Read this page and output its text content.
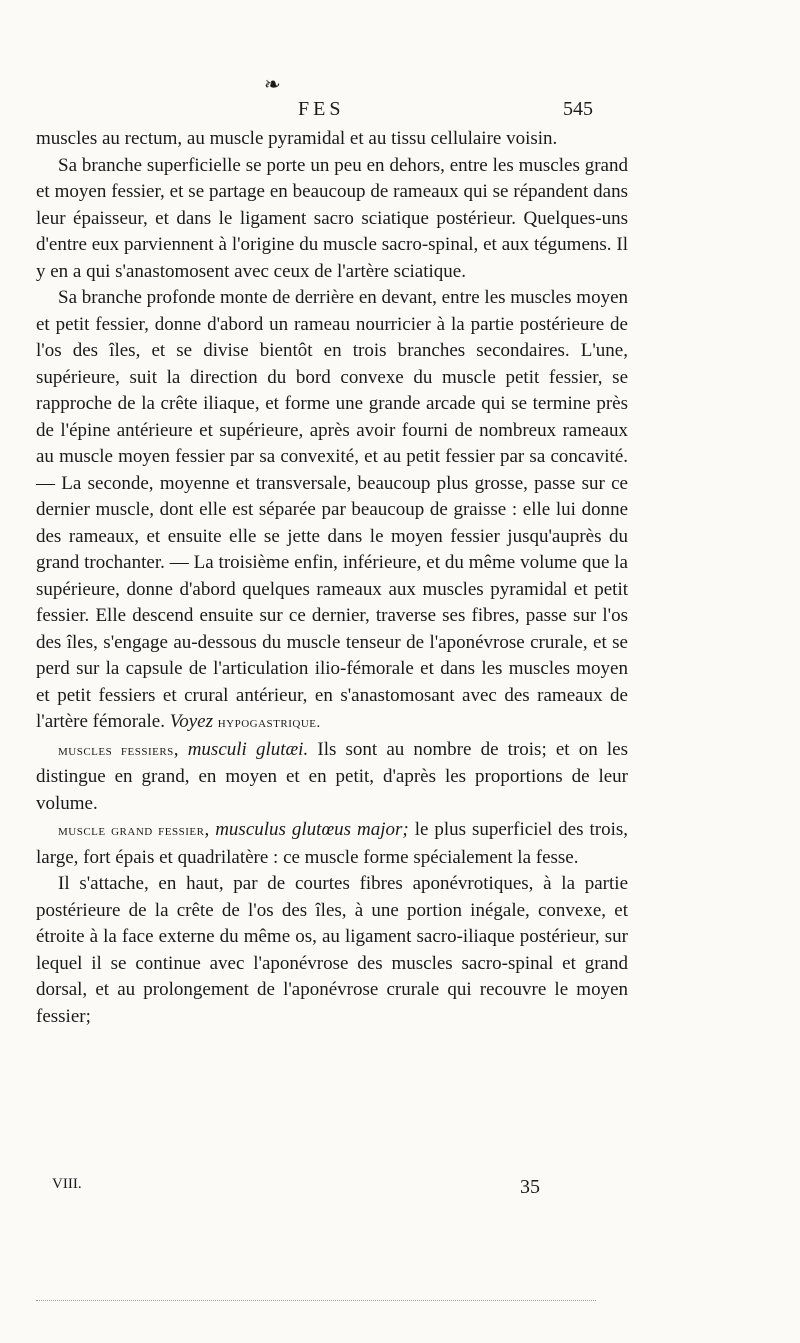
❧
FES	545

muscles au rectum, au muscle pyramidal et au tissu cellulaire voisin.

Sa branche superficielle se porte un peu en dehors, entre les muscles grand et moyen fessier, et se partage en beaucoup de rameaux qui se répandent dans leur épaisseur, et dans le ligament sacro sciatique postérieur. Quelques-uns d'entre eux parviennent à l'origine du muscle sacro-spinal, et aux tégumens. Il y en a qui s'anastomosent avec ceux de l'artère sciatique.

Sa branche profonde monte de derrière en devant, entre les muscles moyen et petit fessier, donne d'abord un rameau nourricier à la partie postérieure de l'os des îles, et se divise bientôt en trois branches secondaires. L'une, supérieure, suit la direction du bord convexe du muscle petit fessier, se rapproche de la crête iliaque, et forme une grande arcade qui se termine près de l'épine antérieure et supérieure, après avoir fourni de nombreux rameaux au muscle moyen fessier par sa convexité, et au petit fessier par sa concavité. — La seconde, moyenne et transversale, beaucoup plus grosse, passe sur ce dernier muscle, dont elle est séparée par beaucoup de graisse : elle lui donne des rameaux, et ensuite elle se jette dans le moyen fessier jusqu'auprès du grand trochanter. — La troisième enfin, inférieure, et du même volume que la supérieure, donne d'abord quelques rameaux aux muscles pyramidal et petit fessier. Elle descend ensuite sur ce dernier, traverse ses fibres, passe sur l'os des îles, s'engage au-dessous du muscle tenseur de l'aponévrose crurale, et se perd sur la capsule de l'articulation ilio-fémorale et dans les muscles moyen et petit fessiers et crural antérieur, en s'anastomosant avec des rameaux de l'artère fémorale. Voyez hypogastrique.

muscles fessiers, musculi glutæi. Ils sont au nombre de trois; et on les distingue en grand, en moyen et en petit, d'après les proportions de leur volume.

muscle grand fessier, musculus glutœus major; le plus superficiel des trois, large, fort épais et quadrilatère : ce muscle forme spécialement la fesse.

Il s'attache, en haut, par de courtes fibres aponévrotiques, à la partie postérieure de la crête de l'os des îles, à une portion inégale, convexe, et étroite à la face externe du même os, au ligament sacro-iliaque postérieur, sur lequel il se continue avec l'aponévrose des muscles sacro-spinal et grand dorsal, et au prolongement de l'aponévrose crurale qui recouvre le moyen fessier;

VIII.	35
